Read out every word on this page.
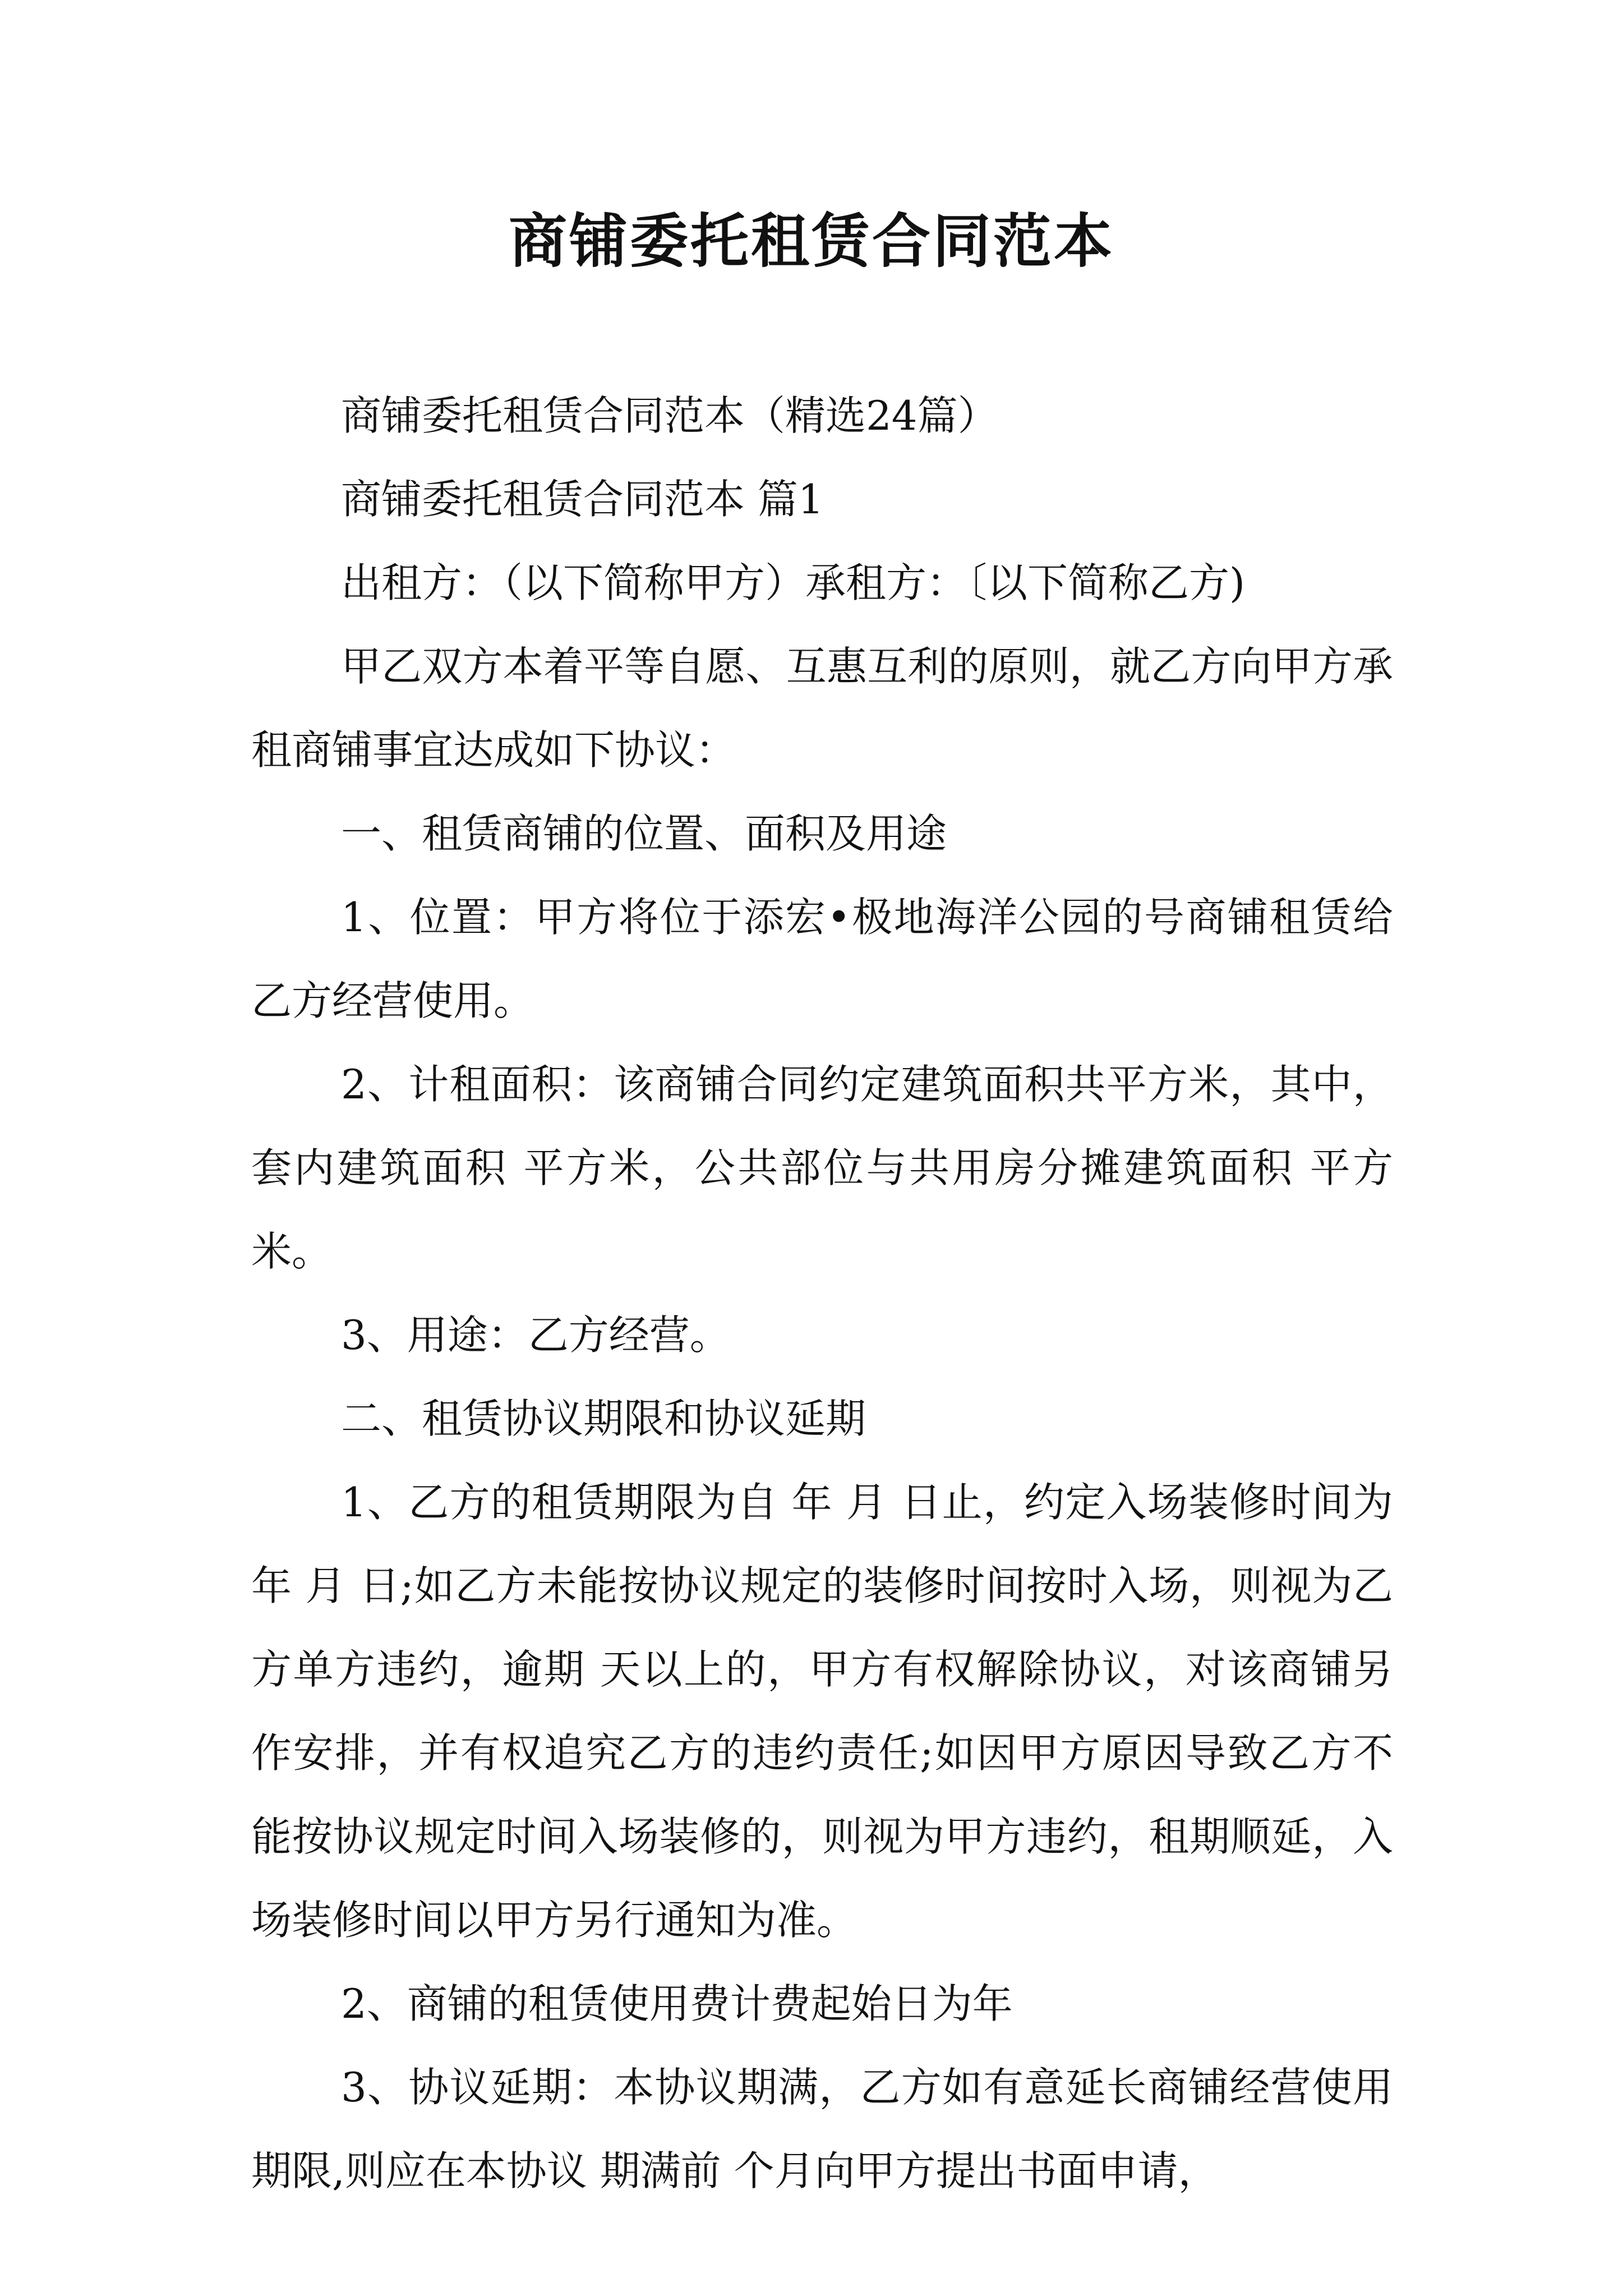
商铺委托租赁合同范本

商铺委托租赁合同范本（精选24篇）

商铺委托租赁合同范本 篇1

出租方：（以下简称甲方）承租方：〔以下简称乙方)

甲乙双方本着平等自愿、互惠互利的原则，就乙方向甲方承租商铺事宜达成如下协议：

一、租赁商铺的位置、面积及用途

1、位置：甲方将位于添宏•极地海洋公园的号商铺租赁给乙方经营使用。

2、计租面积：该商铺合同约定建筑面积共平方米，其中，套内建筑面积 平方米，公共部位与共用房分摊建筑面积 平方米。

3、用途：乙方经营。

二、租赁协议期限和协议延期

1、乙方的租赁期限为自 年 月 日止，约定入场装修时间为 年 月 日;如乙方未能按协议规定的装修时间按时入场，则视为乙方单方违约，逾期 天以上的，甲方有权解除协议，对该商铺另作安排，并有权追究乙方的违约责任;如因甲方原因导致乙方不能按协议规定时间入场装修的，则视为甲方违约，租期顺延，入场装修时间以甲方另行通知为准。

2、商铺的租赁使用费计费起始日为年

3、协议延期：本协议期满，乙方如有意延长商铺经营使用期限,则应在本协议 期满前 个月向甲方提出书面申请，
